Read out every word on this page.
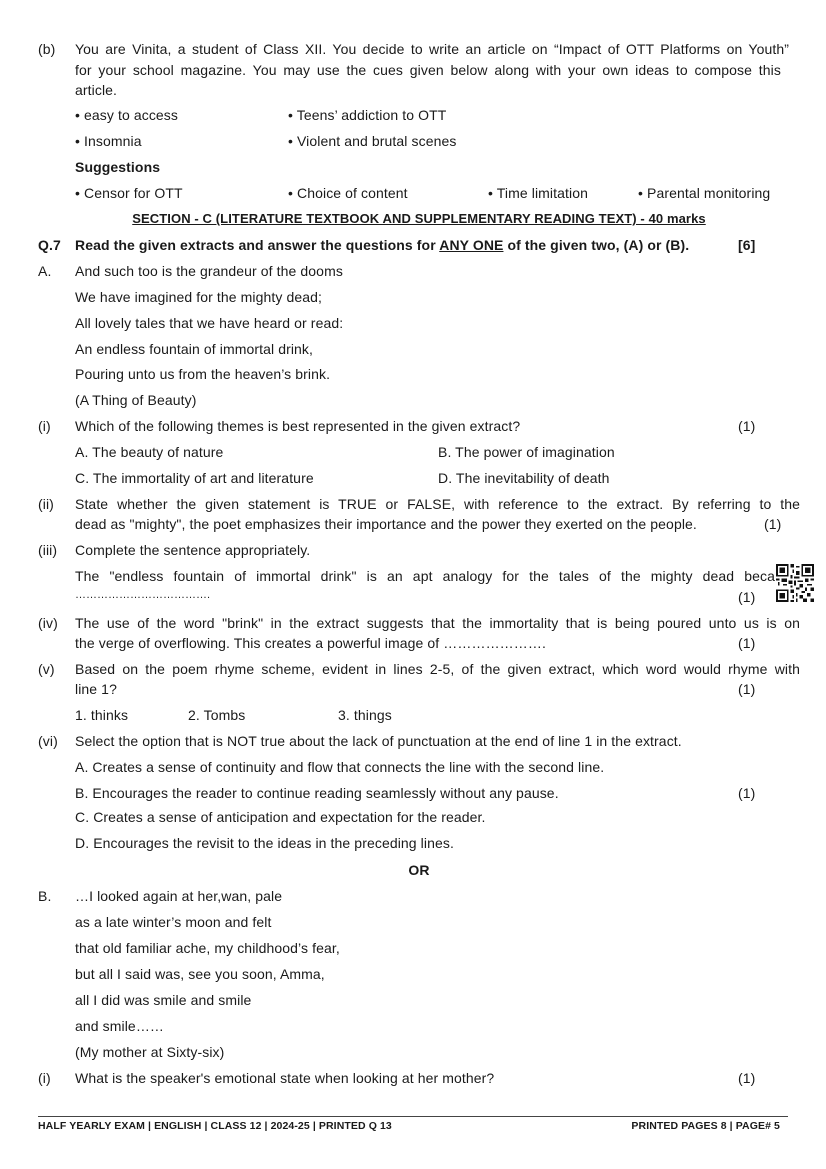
(b) You are Vinita, a student of Class XII. You decide to write an article on “Impact of OTT Platforms on Youth”
for your school magazine. You may use the cues given below along with your own ideas to compose this
article.
• easy to access	• Teens’ addiction to OTT
• Insomnia	• Violent and brutal scenes
Suggestions
• Censor for OTT	• Choice of content	• Time limitation	• Parental monitoring
SECTION - C (LITERATURE TEXTBOOK AND SUPPLEMENTARY READING TEXT) - 40 marks
Q.7 Read the given extracts and answer the questions for ANY ONE of the given two, (A) or (B).	[6]
A. And such too is the grandeur of the dooms
We have imagined for the mighty dead;
All lovely tales that we have heard or read:
An endless fountain of immortal drink,
Pouring unto us from the heaven’s brink.
(A Thing of Beauty)
(i) Which of the following themes is best represented in the given extract?	(1)
A. The beauty of nature	B. The power of imagination
C. The immortality of art and literature	D. The inevitability of death
(ii) State whether the given statement is TRUE or FALSE, with reference to the extract. By referring to the
dead as "mighty", the poet emphasizes their importance and the power they exerted on the people.	(1)
(iii) Complete the sentence appropriately.
The "endless fountain of immortal drink" is an apt analogy for the tales of the mighty dead beca
……………………………….	(1)
(iv) The use of the word "brink" in the extract suggests that the immortality that is being poured unto us is on
the verge of overflowing. This creates a powerful image of ………………….	(1)
(v) Based on the poem rhyme scheme, evident in lines 2-5, of the given extract, which word would rhyme with
line 1?	(1)
1. thinks	2. Tombs	3. things
(vi) Select the option that is NOT true about the lack of punctuation at the end of line 1 in the extract.
A. Creates a sense of continuity and flow that connects the line with the second line.
B. Encourages the reader to continue reading seamlessly without any pause.	(1)
C. Creates a sense of anticipation and expectation for the reader.
D. Encourages the revisit to the ideas in the preceding lines.
OR
B. …I looked again at her,wan, pale
as a late winter’s moon and felt
that old familiar ache, my childhood’s fear,
but all I said was, see you soon, Amma,
all I did was smile and smile
and smile……
(My mother at Sixty-six)
(i) What is the speaker's emotional state when looking at her mother?	(1)
HALF YEARLY EXAM | ENGLISH | CLASS 12 | 2024-25 | PRINTED Q 13	PRINTED PAGES 8 | PAGE# 5
